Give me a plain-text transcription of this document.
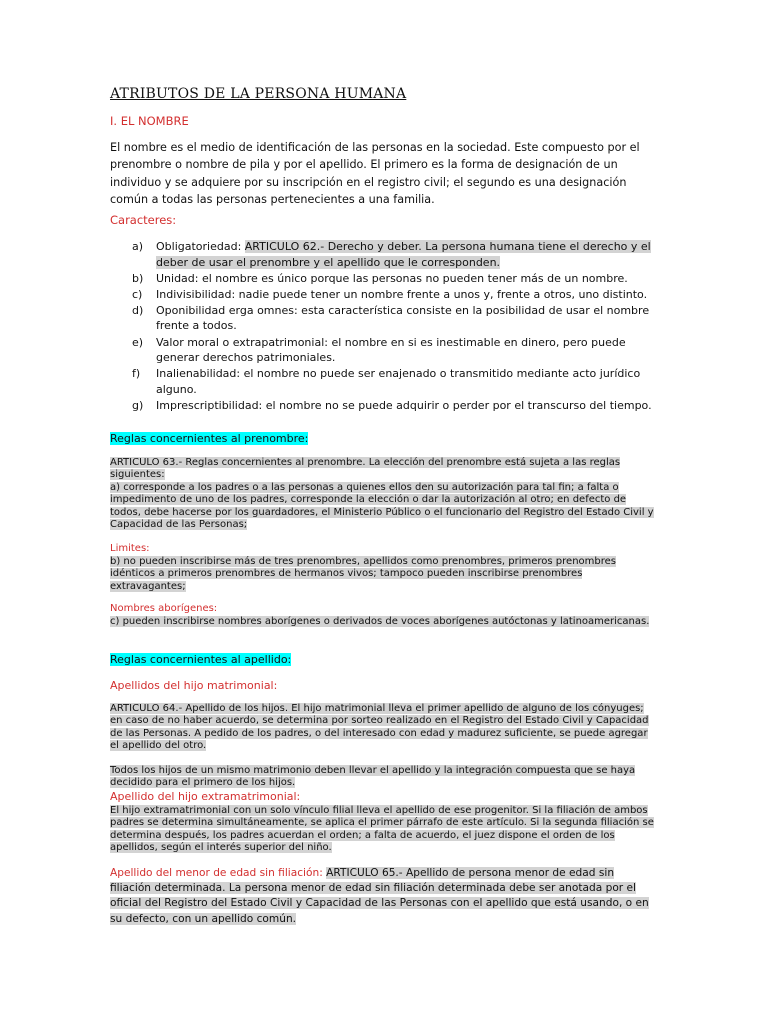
ATRIBUTOS DE LA PERSONA HUMANA
I. EL NOMBRE
El nombre es el medio de identificación de las personas en la sociedad. Este compuesto por el prenombre o nombre de pila y por el apellido. El primero es la forma de designación de un individuo y se adquiere por su inscripción en el registro civil; el segundo es una designación común a todas las personas pertenecientes a una familia.
Caracteres:
a) Obligatoriedad: ARTICULO 62.- Derecho y deber. La persona humana tiene el derecho y el deber de usar el prenombre y el apellido que le corresponden.
b) Unidad: el nombre es único porque las personas no pueden tener más de un nombre.
c) Indivisibilidad: nadie puede tener un nombre frente a unos y, frente a otros, uno distinto.
d) Oponibilidad erga omnes: esta característica consiste en la posibilidad de usar el nombre frente a todos.
e) Valor moral o extrapatrimonial: el nombre en si es inestimable en dinero, pero puede generar derechos patrimoniales.
f) Inalienabilidad: el nombre no puede ser enajenado o transmitido mediante acto jurídico alguno.
g) Imprescriptibilidad: el nombre no se puede adquirir o perder por el transcurso del tiempo.
Reglas concernientes al prenombre:
ARTICULO 63.- Reglas concernientes al prenombre. La elección del prenombre está sujeta a las reglas siguientes:
a) corresponde a los padres o a las personas a quienes ellos den su autorización para tal fin; a falta o impedimento de uno de los padres, corresponde la elección o dar la autorización al otro; en defecto de todos, debe hacerse por los guardadores, el Ministerio Público o el funcionario del Registro del Estado Civil y Capacidad de las Personas;
Limites:
b) no pueden inscribirse más de tres prenombres, apellidos como prenombres, primeros prenombres idénticos a primeros prenombres de hermanos vivos; tampoco pueden inscribirse prenombres extravagantes;
Nombres aborígenes:
c) pueden inscribirse nombres aborígenes o derivados de voces aborígenes autóctonas y latinoamericanas.
Reglas concernientes al apellido:
Apellidos del hijo matrimonial:
ARTICULO 64.- Apellido de los hijos. El hijo matrimonial lleva el primer apellido de alguno de los cónyuges; en caso de no haber acuerdo, se determina por sorteo realizado en el Registro del Estado Civil y Capacidad de las Personas. A pedido de los padres, o del interesado con edad y madurez suficiente, se puede agregar el apellido del otro.
Todos los hijos de un mismo matrimonio deben llevar el apellido y la integración compuesta que se haya decidido para el primero de los hijos.
Apellido del hijo extramatrimonial:
El hijo extramatrimonial con un solo vínculo filial lleva el apellido de ese progenitor. Si la filiación de ambos padres se determina simultáneamente, se aplica el primer párrafo de este artículo. Si la segunda filiación se determina después, los padres acuerdan el orden; a falta de acuerdo, el juez dispone el orden de los apellidos, según el interés superior del niño.
Apellido del menor de edad sin filiación: ARTICULO 65.- Apellido de persona menor de edad sin filiación determinada. La persona menor de edad sin filiación determinada debe ser anotada por el oficial del Registro del Estado Civil y Capacidad de las Personas con el apellido que está usando, o en su defecto, con un apellido común.
